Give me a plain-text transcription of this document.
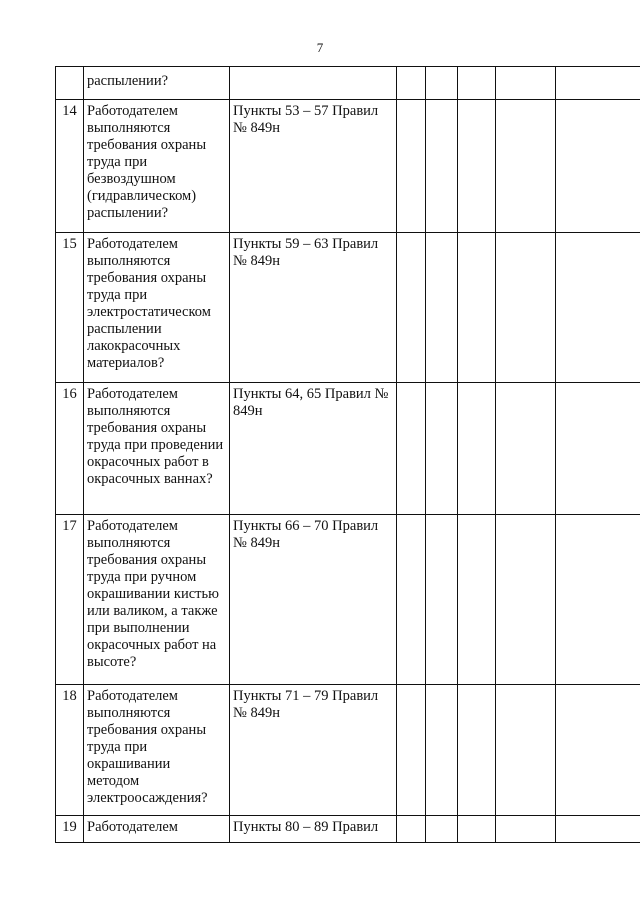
7
	распылении?						
14	Работодателем выполняются требования охраны труда при безвоздушном (гидравлическом) распылении?	Пункты 53 – 57 Правил № 849н					
15	Работодателем выполняются требования охраны труда при электростатическом распылении лакокрасочных материалов?	Пункты 59 – 63 Правил № 849н					
16	Работодателем выполняются требования охраны труда при проведении окрасочных работ в окрасочных ваннах?	Пункты 64, 65 Правил № 849н					
17	Работодателем выполняются требования охраны труда при ручном окрашивании кистью или валиком, а также при выполнении окрасочных работ на высоте?	Пункты 66 – 70 Правил № 849н					
18	Работодателем выполняются требования охраны труда при окрашивании методом электроосаждения?	Пункты 71 – 79 Правил № 849н					
19	Работодателем	Пункты 80 – 89 Правил					
